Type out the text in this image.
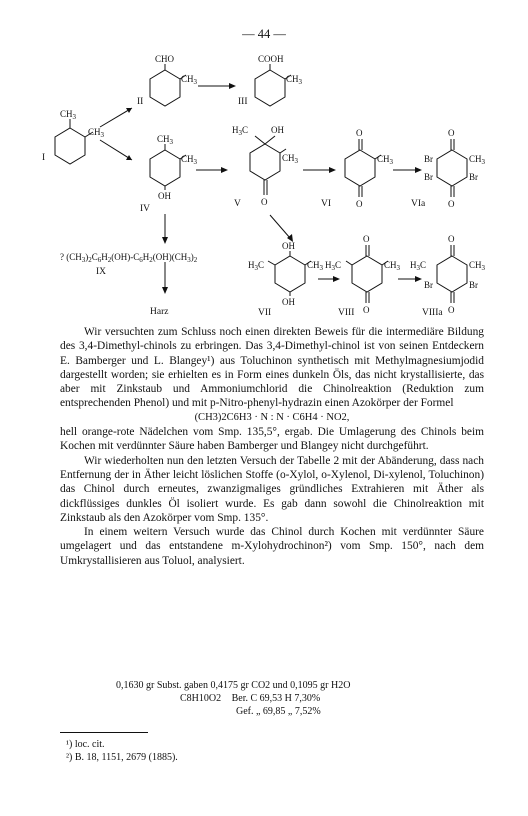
— 44 —
$CH_3$
$CH_3$
I
CHO
$CH_3$
II
COOH
$CH_3$
III
$CH_3$
$CH_3$
OH
IV
$H_3C$	OH
$CH_3$
O
V
O
$CH_3$
O
VI
O
Br	$CH_3$
Br	Br
O
VIa
? $(CH_3)_2C_6H_2(OH)-C_6H_2(OH)(CH_3)_2$
IX
Harz
OH
$H_3C$	$CH_3$
OH
VII
O
$H_3C$	$CH_3$
O
VIII
O
$H_3C$	$CH_3$
Br	Br
O
VIIIa

Wir versuchten zum Schluss noch einen direkten Beweis für die intermediäre Bildung des 3,4-Dimethyl-chinols zu erbringen. Das 3,4-Dimethyl-chinol ist von seinen Entdeckern E. Bamberger und L. Blangey¹) aus Toluchinon synthetisch mit Methylmagnesiumjodid dargestellt worden; sie erhielten es in Form eines dunkeln Öls, das nicht krystallisierte, das aber mit Zinkstaub und Ammoniumchlorid die Chinolreaktion (Reduktion zum entsprechenden Phenol) und mit p-Nitro-phenyl-hydrazin einen Azokörper der Formel

(CH3)2C6H3 · N : N · C6H4 · NO2,

hell orange-rote Nädelchen vom Smp. 135,5°, ergab. Die Umlagerung des Chinols beim Kochen mit verdünnter Säure haben Bamberger und Blangey nicht durchgeführt.

Wir wiederholten nun den letzten Versuch der Tabelle 2 mit der Abänderung, dass nach Entfernung der in Äther leicht löslichen Stoffe (o-Xylol, o-Xylenol, Di-xylenol, Toluchinon) das Chinol durch erneutes, zwanzigmaliges gründliches Extrahieren mit Äther als dickflüssiges dunkles Öl isoliert wurde. Es gab dann sowohl die Chinolreaktion mit Zinkstaub als den Azokörper vom Smp. 135°.

In einem weitern Versuch wurde das Chinol durch Kochen mit verdünnter Säure umgelagert und das entstandene m-Xylohydrochinon²) vom Smp. 150°, nach dem Umkrystallisieren aus Toluol, analysiert.

0,1630 gr Subst. gaben 0,4175 gr CO2 und 0,1095 gr H2O
C8H10O2 Ber. C 69,53 H 7,30%
Gef. „ 69,85 „ 7,52%
¹) loc. cit.
²) B. 18, 1151, 2679 (1885).
